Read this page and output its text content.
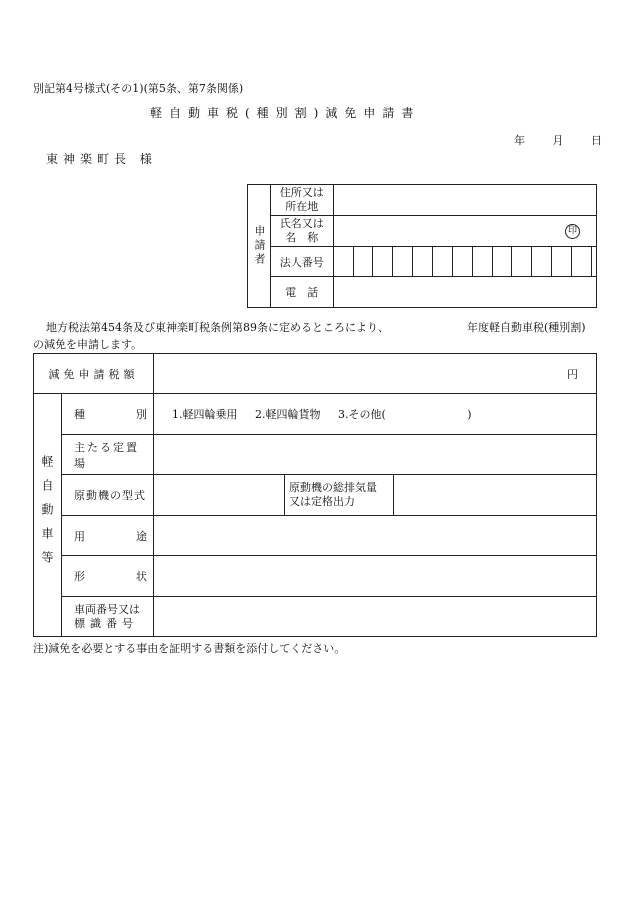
別記第4号様式(その1)(第5条、第7条関係)
軽自動車税(種別割)減免申請書
年	月	日
東神楽町長 様
申請者	住所又は
所在地														

	氏名又は
名　称	印													
	法人番号														
	電　話														
地方税法第454条及び東神楽町税条例第89条に定めるところにより、	年度軽自動車税(種別割)
の減免を申請します。
減免申請税額		円		

軽自動車等	種 別	1.軽四輪乗用 2.軽四輪貨物 3.その他( )		
	主たる定置場			
	原動機の型式		原動機の総排気量
又は定格出力	

	用 途			

	形 状			

	車両番号又は
標識番号			

注)減免を必要とする事由を証明する書類を添付してください。
